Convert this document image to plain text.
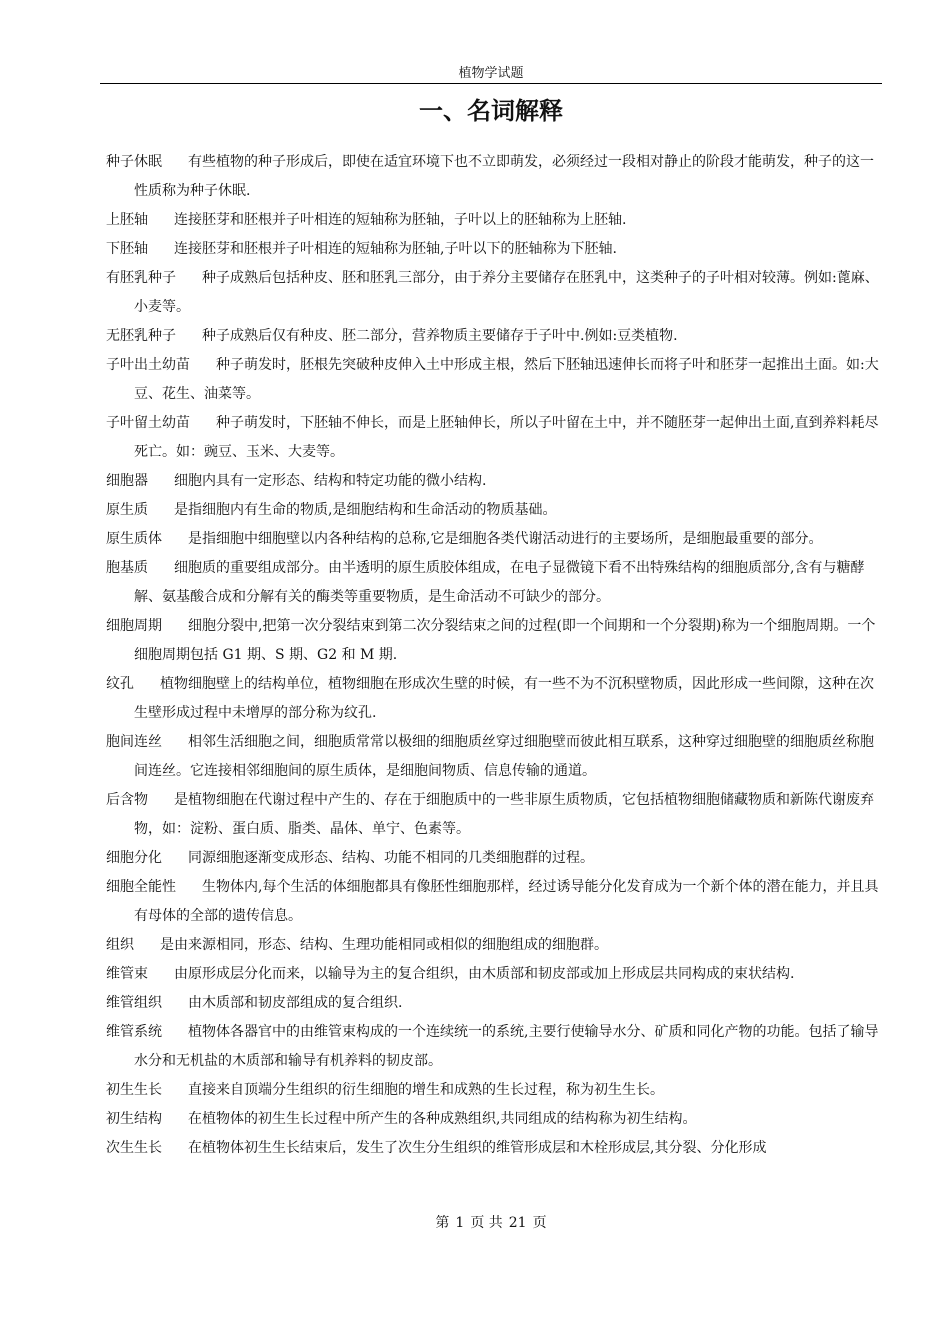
植物学试题
一、名词解释

种子休眠 有些植物的种子形成后，即使在适宜环境下也不立即萌发，必须经过一段相对静止的阶段才能萌发，种子的这一性质称为种子休眠.

上胚轴 连接胚芽和胚根并子叶相连的短轴称为胚轴，子叶以上的胚轴称为上胚轴.

下胚轴 连接胚芽和胚根并子叶相连的短轴称为胚轴,子叶以下的胚轴称为下胚轴.

有胚乳种子 种子成熟后包括种皮、胚和胚乳三部分，由于养分主要储存在胚乳中，这类种子的子叶相对较薄。例如:蓖麻、小麦等。

无胚乳种子 种子成熟后仅有种皮、胚二部分，营养物质主要储存于子叶中.例如:豆类植物.

子叶出土幼苗 种子萌发时，胚根先突破种皮伸入土中形成主根，然后下胚轴迅速伸长而将子叶和胚芽一起推出土面。如:大豆、花生、油菜等。

子叶留土幼苗 种子萌发时，下胚轴不伸长，而是上胚轴伸长，所以子叶留在土中，并不随胚芽一起伸出土面,直到养料耗尽死亡。如：豌豆、玉米、大麦等。

细胞器 细胞内具有一定形态、结构和特定功能的微小结构.

原生质 是指细胞内有生命的物质,是细胞结构和生命活动的物质基础。

原生质体 是指细胞中细胞壁以内各种结构的总称,它是细胞各类代谢活动进行的主要场所，是细胞最重要的部分。

胞基质 细胞质的重要组成部分。由半透明的原生质胶体组成，在电子显微镜下看不出特殊结构的细胞质部分,含有与糖酵解、氨基酸合成和分解有关的酶类等重要物质，是生命活动不可缺少的部分。

细胞周期 细胞分裂中,把第一次分裂结束到第二次分裂结束之间的过程(即一个间期和一个分裂期)称为一个细胞周期。一个细胞周期包括 G1 期、S 期、G2 和 M 期.

纹孔 植物细胞壁上的结构单位，植物细胞在形成次生壁的时候，有一些不为不沉积壁物质，因此形成一些间隙，这种在次生壁形成过程中未增厚的部分称为纹孔.

胞间连丝 相邻生活细胞之间，细胞质常常以极细的细胞质丝穿过细胞壁而彼此相互联系，这种穿过细胞壁的细胞质丝称胞间连丝。它连接相邻细胞间的原生质体，是细胞间物质、信息传输的通道。

后含物 是植物细胞在代谢过程中产生的、存在于细胞质中的一些非原生质物质，它包括植物细胞储藏物质和新陈代谢废弃物，如：淀粉、蛋白质、脂类、晶体、单宁、色素等。

细胞分化 同源细胞逐渐变成形态、结构、功能不相同的几类细胞群的过程。

细胞全能性 生物体内,每个生活的体细胞都具有像胚性细胞那样，经过诱导能分化发育成为一个新个体的潜在能力，并且具有母体的全部的遗传信息。

组织 是由来源相同，形态、结构、生理功能相同或相似的细胞组成的细胞群。

维管束 由原形成层分化而来，以输导为主的复合组织，由木质部和韧皮部或加上形成层共同构成的束状结构.

维管组织 由木质部和韧皮部组成的复合组织.

维管系统 植物体各器官中的由维管束构成的一个连续统一的系统,主要行使输导水分、矿质和同化产物的功能。包括了输导水分和无机盐的木质部和输导有机养料的韧皮部。

初生生长 直接来自顶端分生组织的衍生细胞的增生和成熟的生长过程，称为初生生长。

初生结构 在植物体的初生生长过程中所产生的各种成熟组织,共同组成的结构称为初生结构。

次生生长 在植物体初生生长结束后，发生了次生分生组织的维管形成层和木栓形成层,其分裂、分化形成

第 1 页 共 21 页
